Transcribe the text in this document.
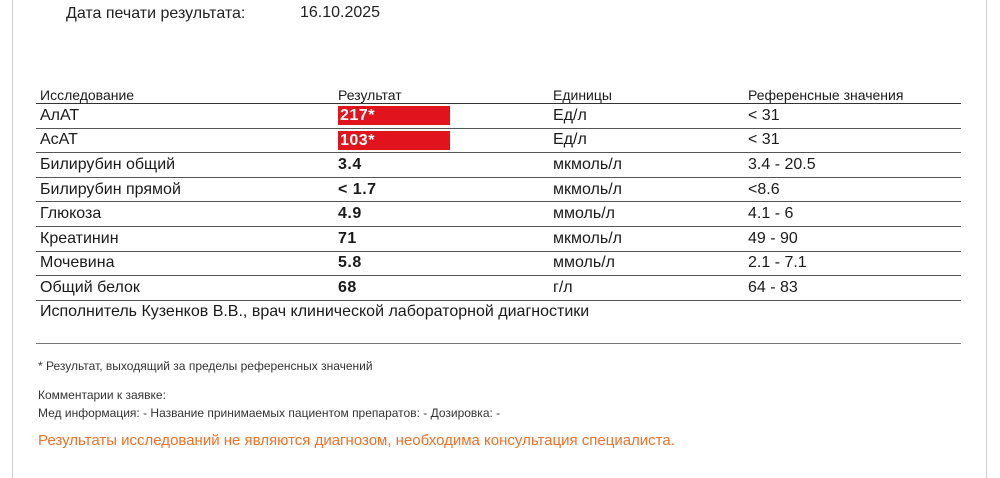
Дата печати результата:	16.10.2025
Исследование	Результат	Единицы	Референсные значения
АлАТ	217*	Ед/л	< 31
АсАТ	103*	Ед/л	< 31
Билирубин общий	3.4	мкмоль/л	3.4 - 20.5
Билирубин прямой	< 1.7	мкмоль/л	<8.6
Глюкоза	4.9	ммоль/л	4.1 - 6
Креатинин	71	мкмоль/л	49 - 90
Мочевина	5.8	ммоль/л	2.1 - 7.1
Общий белок	68	г/л	64 - 83
Исполнитель Кузенков В.В., врач клинической лабораторной диагностики
* Результат, выходящий за пределы референсных значений
Комментарии к заявке:
Мед информация: - Название принимаемых пациентом препаратов: - Дозировка: -
Результаты исследований не являются диагнозом, необходима консультация специалиста.
